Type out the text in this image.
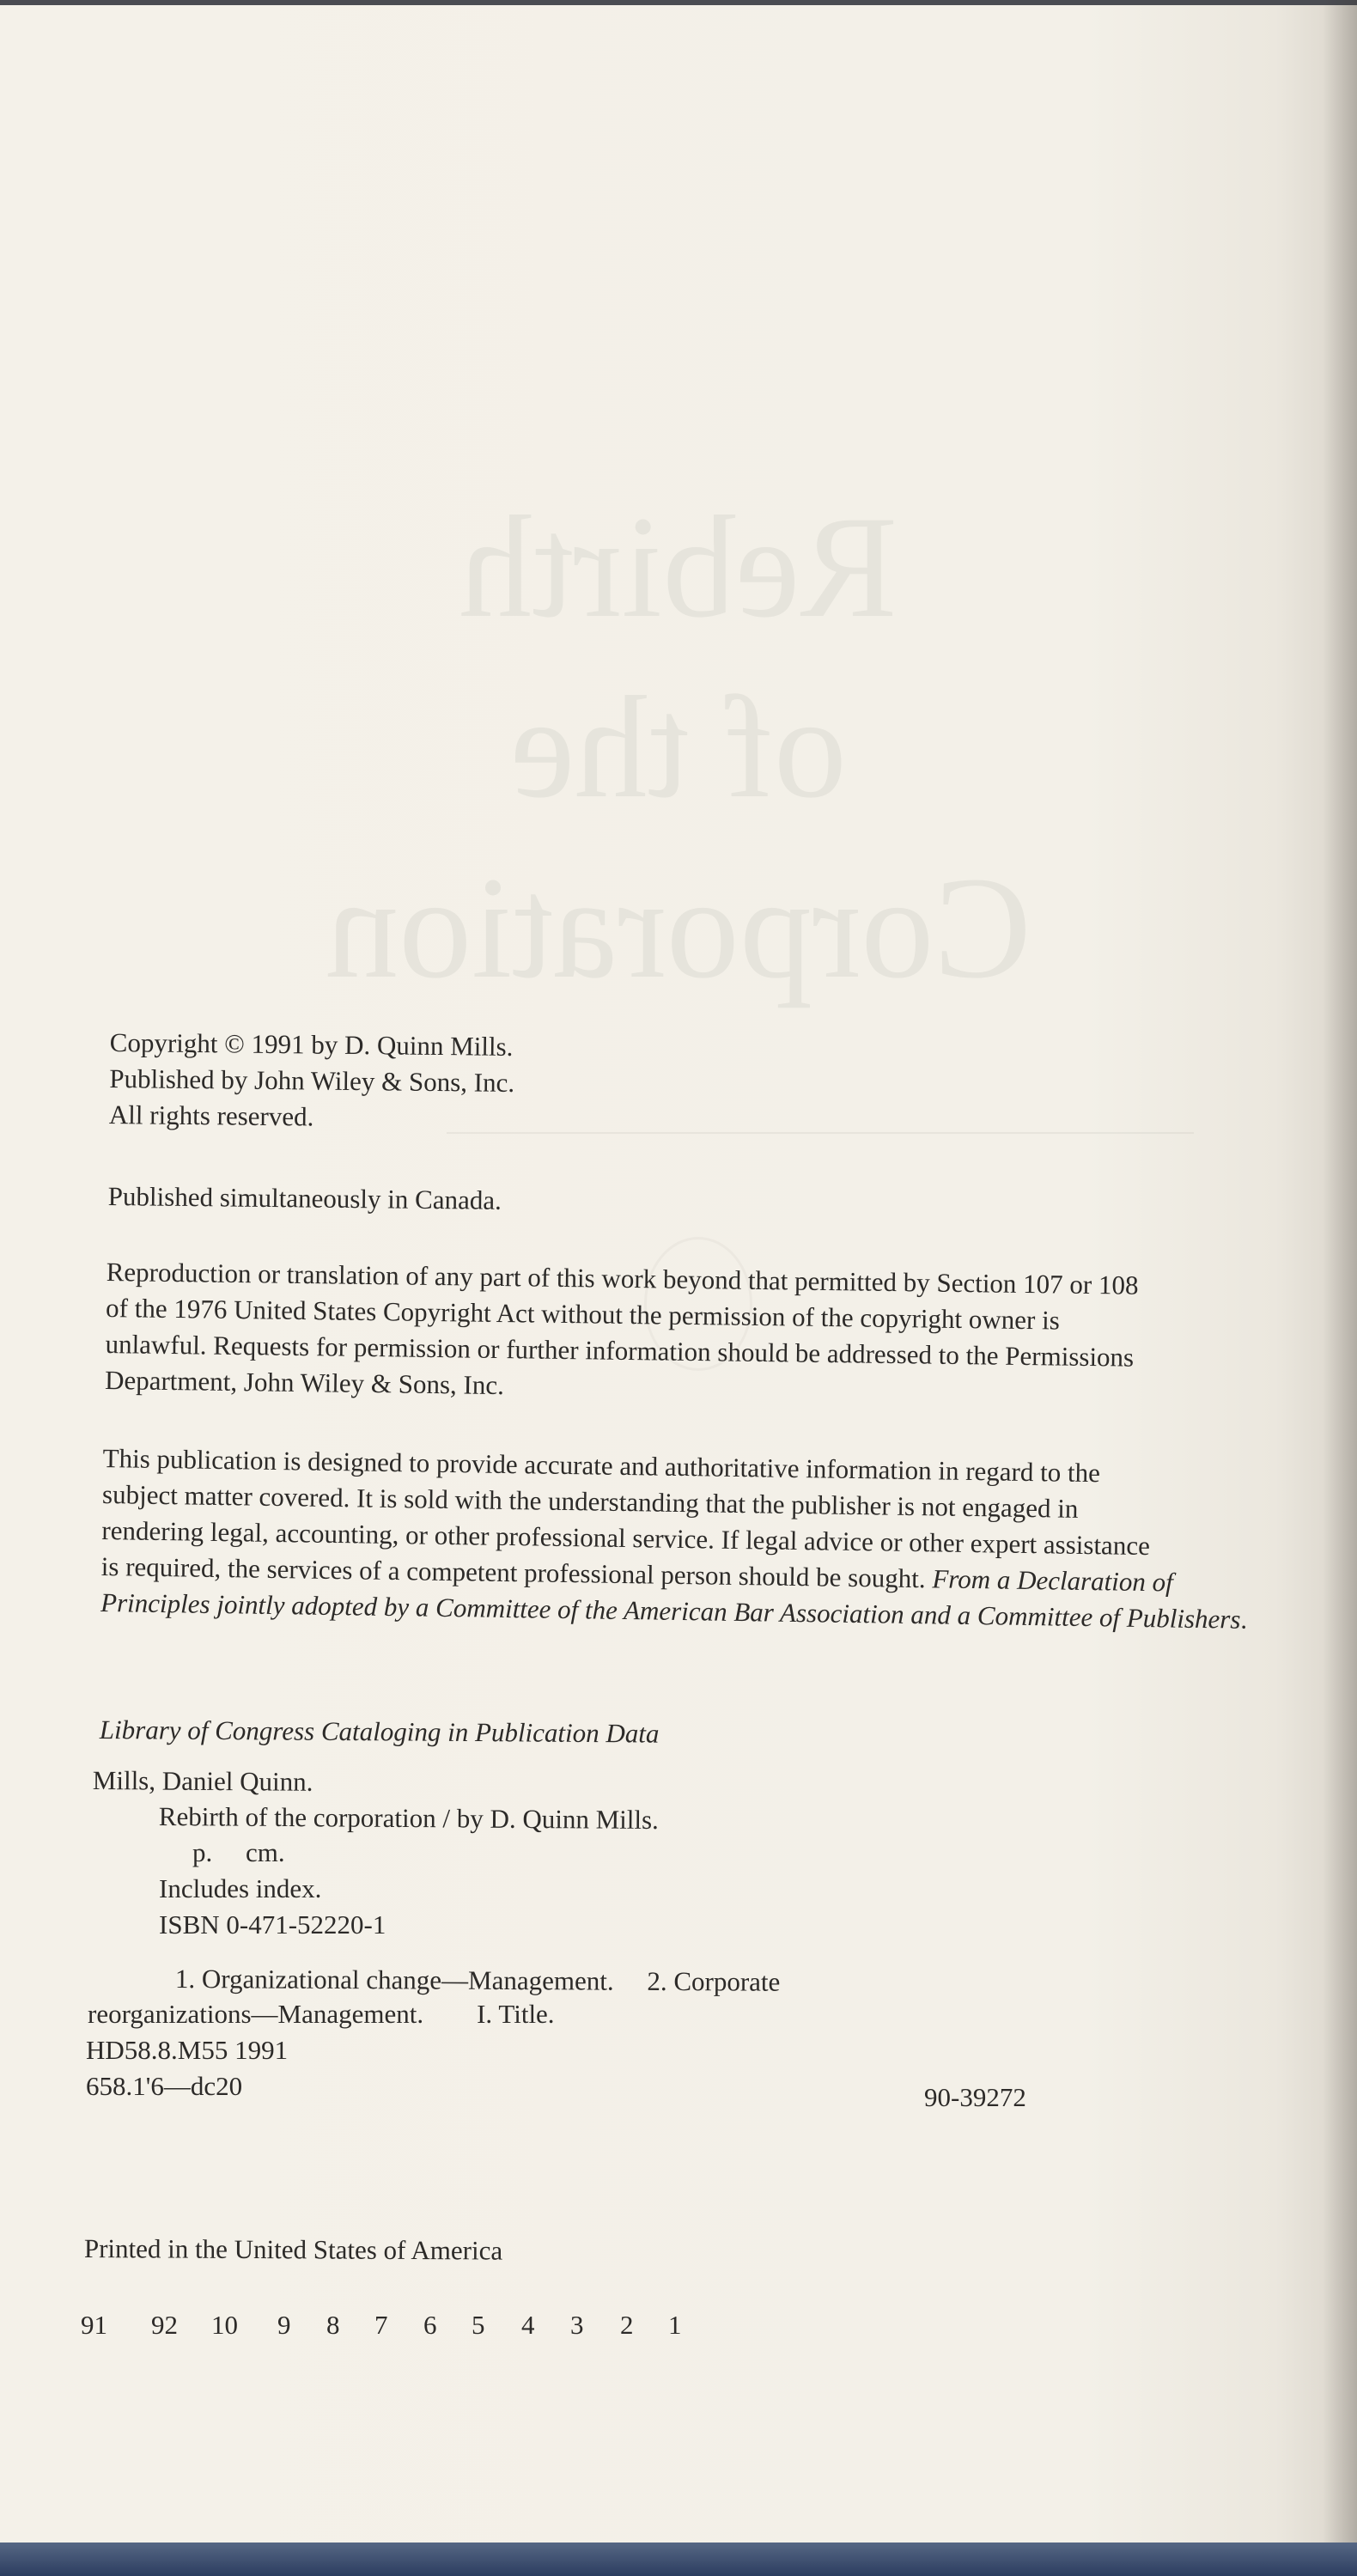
Rebirth
of the
Corporation
Copyright © 1991 by D. Quinn Mills.
Published by John Wiley & Sons, Inc.
All rights reserved.
Published simultaneously in Canada.
Reproduction or translation of any part of this work beyond that permitted by Section 107 or 108
of the 1976 United States Copyright Act without the permission of the copyright owner is
unlawful. Requests for permission or further information should be addressed to the Permissions
Department, John Wiley & Sons, Inc.
This publication is designed to provide accurate and authoritative information in regard to the
subject matter covered. It is sold with the understanding that the publisher is not engaged in
rendering legal, accounting, or other professional service. If legal advice or other expert assistance
is required, the services of a competent professional person should be sought. From a Declaration of
Principles jointly adopted by a Committee of the American Bar Association and a Committee of Publishers.
Library of Congress Cataloging in Publication Data
Mills, Daniel Quinn.
Rebirth of the corporation / by D. Quinn Mills.
p.     cm.
Includes index.
ISBN 0-471-52220-1
1. Organizational change—Management.     2. Corporate
reorganizations—Management.        I. Title.
HD58.8.M55 1991
658.1'6—dc20	90-39272
Printed in the United States of America
91 92 10 9 8 7 6 5 4 3 2 1
